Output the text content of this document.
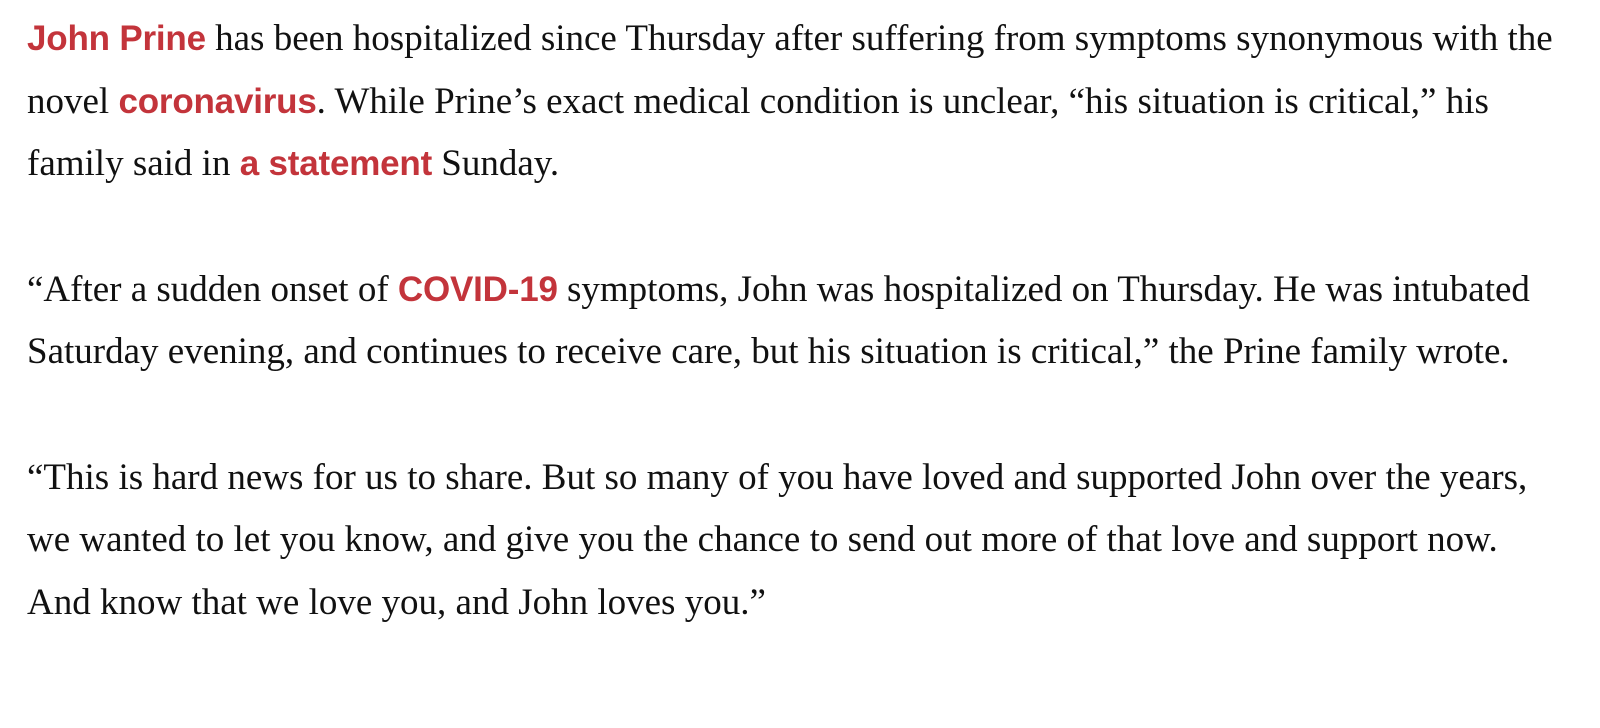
John Prine has been hospitalized since Thursday after suffering from symptoms synonymous with the novel coronavirus. While Prine’s exact medical condition is unclear, “his situation is critical,” his family said in a statement Sunday.

“After a sudden onset of COVID-19 symptoms, John was hospitalized on Thursday. He was intubated Saturday evening, and continues to receive care, but his situation is critical,” the Prine family wrote.

“This is hard news for us to share. But so many of you have loved and supported John over the years, we wanted to let you know, and give you the chance to send out more of that love and support now. And know that we love you, and John loves you.”
